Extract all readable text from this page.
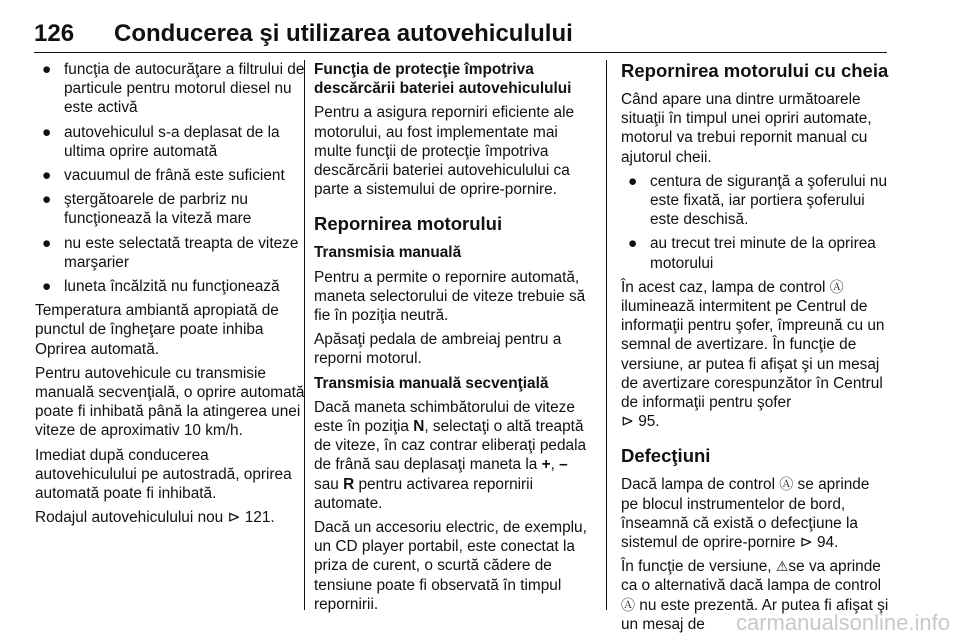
126 Conducerea şi utilizarea autovehiculului
● funcţia de autocurăţare a filtrului de particule pentru motorul diesel nu este activă
● autovehiculul s-a deplasat de la ultima oprire automată
● vacuumul de frână este suficient
● ştergătoarele de parbriz nu funcţionează la viteză mare
● nu este selectată treapta de viteze marşarier
● luneta încălzită nu funcţionează

Temperatura ambiantă apropiată de punctul de îngheţare poate inhiba Oprirea automată.

Pentru autovehicule cu transmisie manuală secvenţială, o oprire automată poate fi inhibată până la atingerea unei viteze de aproximativ 10 km/h.

Imediat după conducerea autovehiculului pe autostradă, oprirea automată poate fi inhibată.

Rodajul autovehiculului nou ⊳ 121.

Funcţia de protecţie împotriva descărcării bateriei autovehiculului

Pentru a asigura reporniri eficiente ale motorului, au fost implementate mai multe funcţii de protecţie împotriva descărcării bateriei autovehiculului ca parte a sistemului de oprire-pornire.

Repornirea motorului

Transmisia manuală

Pentru a permite o repornire automată, maneta selectorului de viteze trebuie să fie în poziţia neutră.

Apăsaţi pedala de ambreiaj pentru a reporni motorul.

Transmisia manuală secvenţială

Dacă maneta schimbătorului de viteze este în poziţia N, selectaţi o altă treaptă de viteze, în caz contrar eliberaţi pedala de frână sau deplasaţi maneta la +, – sau R pentru activarea repornirii automate.

Dacă un accesoriu electric, de exemplu, un CD player portabil, este conectat la priza de curent, o scurtă cădere de tensiune poate fi observată în timpul repornirii.

Repornirea motorului cu cheia

Când apare una dintre următoarele situaţii în timpul unei opriri automate, motorul va trebui repornit manual cu ajutorul cheii.

● centura de siguranţă a şoferului nu este fixată, iar portiera şoferului este deschisă.
● au trecut trei minute de la oprirea motorului

În acest caz, lampa de control Ⓐ iluminează intermitent pe Centrul de informaţii pentru şofer, împreună cu un semnal de avertizare. În funcţie de versiune, ar putea fi afişat şi un mesaj de avertizare corespunzător în Centrul de informaţii pentru şofer
⊳ 95.

Defecţiuni

Dacă lampa de control Ⓐ se aprinde pe blocul instrumentelor de bord, înseamnă că există o defecţiune la sistemul de oprire-pornire ⊳ 94.

În funcţie de versiune, ⚠se va aprinde ca o alternativă dacă lampa de control Ⓐ nu este prezentă. Ar putea fi afişat şi un mesaj de	carmanualsonline.info
